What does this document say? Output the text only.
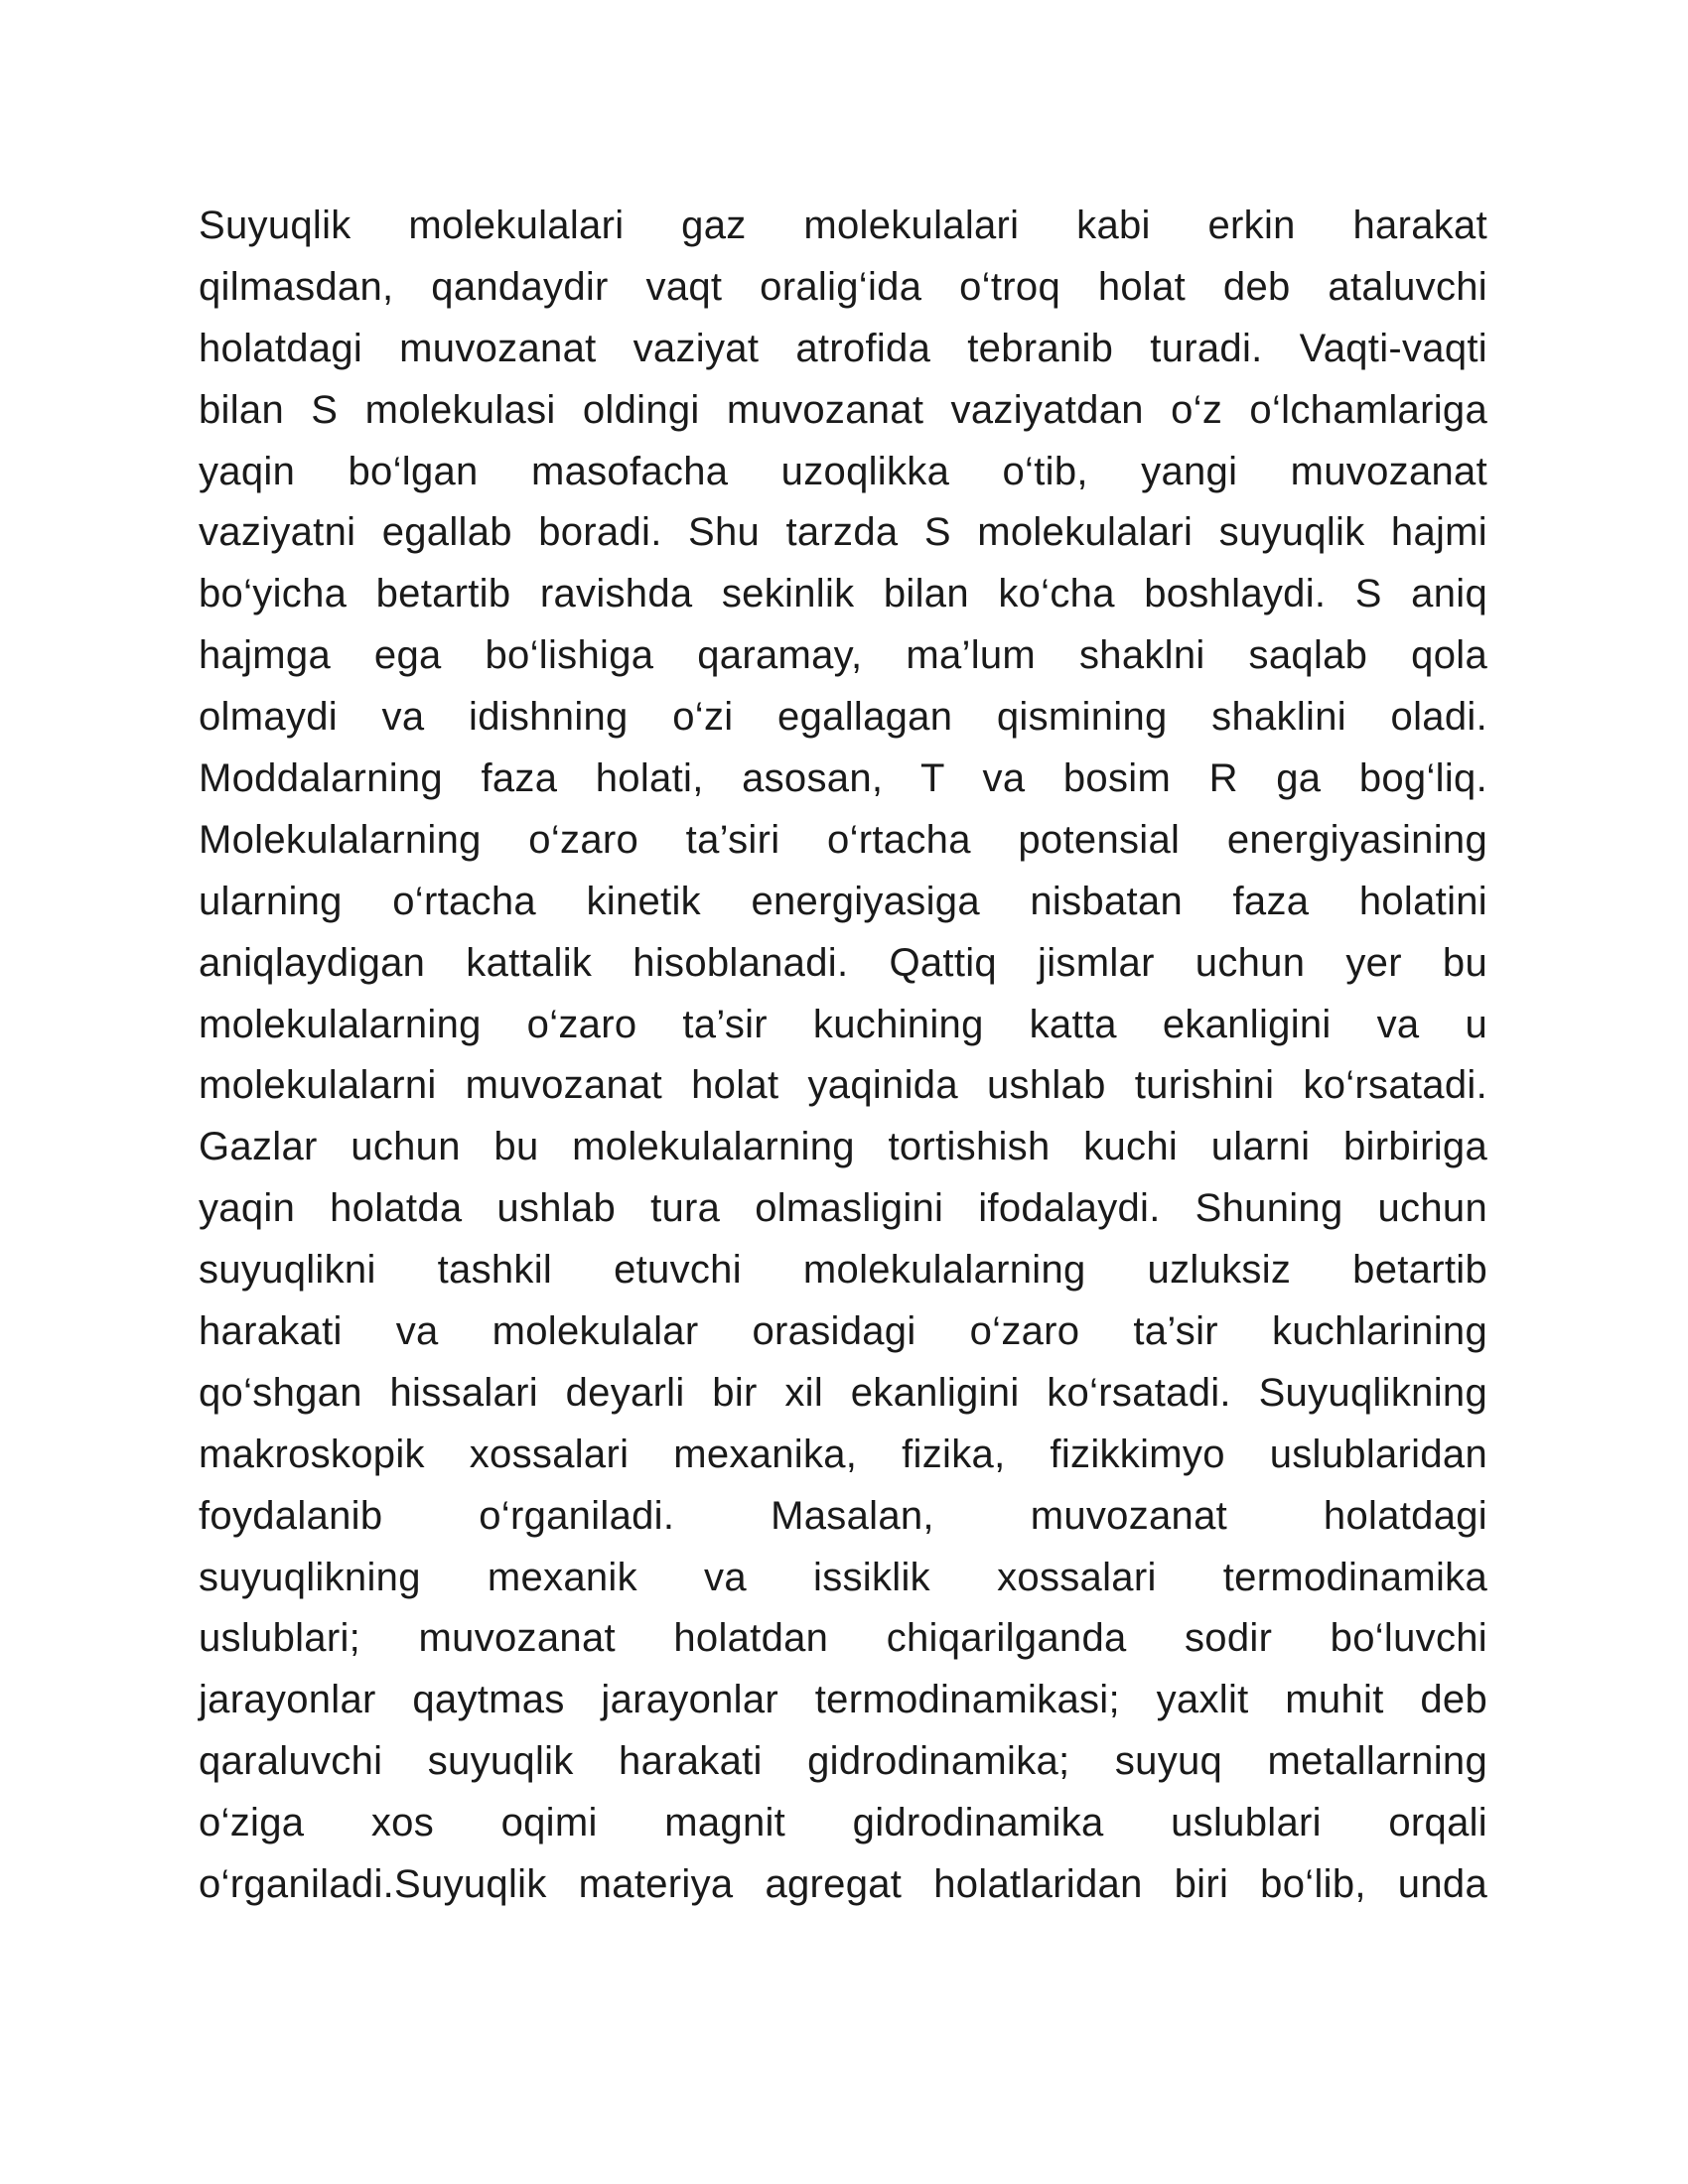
Suyuqlik molekulalari gaz molekulalari kabi erkin harakat
qilmasdan, qandaydir vaqt oralig‘ida o‘troq holat deb ataluvchi
holatdagi muvozanat vaziyat atrofida tebranib turadi. Vaqti-vaqti
bilan S molekulasi oldingi muvozanat vaziyatdan o‘z o‘lchamlariga
yaqin bo‘lgan masofacha uzoqlikka o‘tib, yangi muvozanat
vaziyatni egallab boradi. Shu tarzda S molekulalari suyuqlik hajmi
bo‘yicha betartib ravishda sekinlik bilan ko‘cha boshlaydi. S aniq
hajmga ega bo‘lishiga qaramay, ma’lum shaklni saqlab qola
olmaydi va idishning o‘zi egallagan qismining shaklini oladi.
Moddalarning faza holati, asosan, T va bosim R ga bog‘liq.
Molekulalarning o‘zaro ta’siri o‘rtacha potensial energiyasining
ularning o‘rtacha kinetik energiyasiga nisbatan faza holatini
aniqlaydigan kattalik hisoblanadi. Qattiq jismlar uchun yer bu
molekulalarning o‘zaro ta’sir kuchining katta ekanligini va u
molekulalarni muvozanat holat yaqinida ushlab turishini ko‘rsatadi.
Gazlar uchun bu molekulalarning tortishish kuchi ularni birbiriga
yaqin holatda ushlab tura olmasligini ifodalaydi. Shuning uchun
suyuqlikni tashkil etuvchi molekulalarning uzluksiz betartib
harakati va molekulalar orasidagi o‘zaro ta’sir kuchlarining
qo‘shgan hissalari deyarli bir xil ekanligini ko‘rsatadi. Suyuqlikning
makroskopik xossalari mexanika, fizika, fizikkimyo uslublaridan
foydalanib o‘rganiladi. Masalan, muvozanat holatdagi
suyuqlikning mexanik va issiklik xossalari termodinamika
uslublari; muvozanat holatdan chiqarilganda sodir bo‘luvchi
jarayonlar qaytmas jarayonlar termodinamikasi; yaxlit muhit deb
qaraluvchi suyuqlik harakati gidrodinamika; suyuq metallarning
o‘ziga xos oqimi magnit gidrodinamika uslublari orqali
o‘rganiladi.Suyuqlik materiya agregat holatlaridan biri bo‘lib, unda
